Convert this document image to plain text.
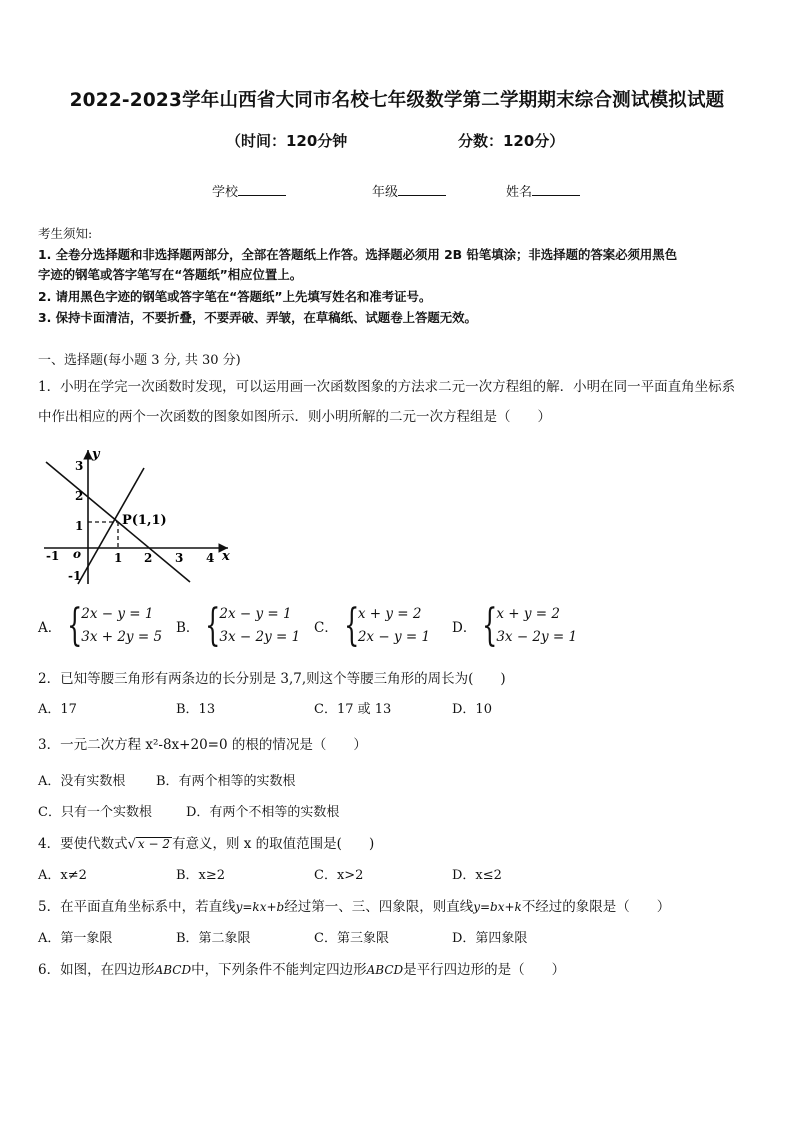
2022-2023学年山西省大同市名校七年级数学第二学期期末综合测试模拟试题
（时间：120分钟	分数：120分）
学校	年级	姓名
考生须知:
1. 全卷分选择题和非选择题两部分，全部在答题纸上作答。选择题必须用 2B 铅笔填涂；非选择题的答案必须用黑色
字迹的钢笔或答字笔写在“答题纸”相应位置上。
2. 请用黑色字迹的钢笔或答字笔在“答题纸”上先填写姓名和准考证号。
3. 保持卡面清洁，不要折叠，不要弄破、弄皱，在草稿纸、试题卷上答题无效。
一、选择题(每小题 3 分, 共 30 分)
1．小明在学完一次函数时发现，可以运用画一次函数图象的方法求二元一次方程组的解．小明在同一平面直角坐标系
中作出相应的两个一次函数的图象如图所示．则小明所解的二元一次方程组是（　　）
y
x
o
P(1,1)
-1	1 2 3 4
3
2
1
-1
A． {
2x − y = 1
3x + 2y = 5
B． {
2x − y = 1
3x − 2y = 1
C． {
x + y = 2
2x − y = 1
D． {
x + y = 2
3x − 2y = 1
2．已知等腰三角形有两条边的长分别是 3,7,则这个等腰三角形的周长为(　　)
A．17	B．13	C．17 或 13	D．10
3．一元二次方程 x²-8x+20=0 的根的情况是（　　）
A．没有实数根 B．有两个相等的实数根
C．只有一个实数根	D．有两个不相等的实数根
4．要使代数式√ x − 2 有意义，则 x 的取值范围是(　　)
A．x≠2	B．x≥2	C．x>2	D．x≤2
5．在平面直角坐标系中，若直线y=kx+b经过第一、三、四象限，则直线y=bx+k不经过的象限是（　　）
A．第一象限	B．第二象限	C．第三象限	D．第四象限
6．如图，在四边形ABCD中，下列条件不能判定四边形ABCD是平行四边形的是（　　）
